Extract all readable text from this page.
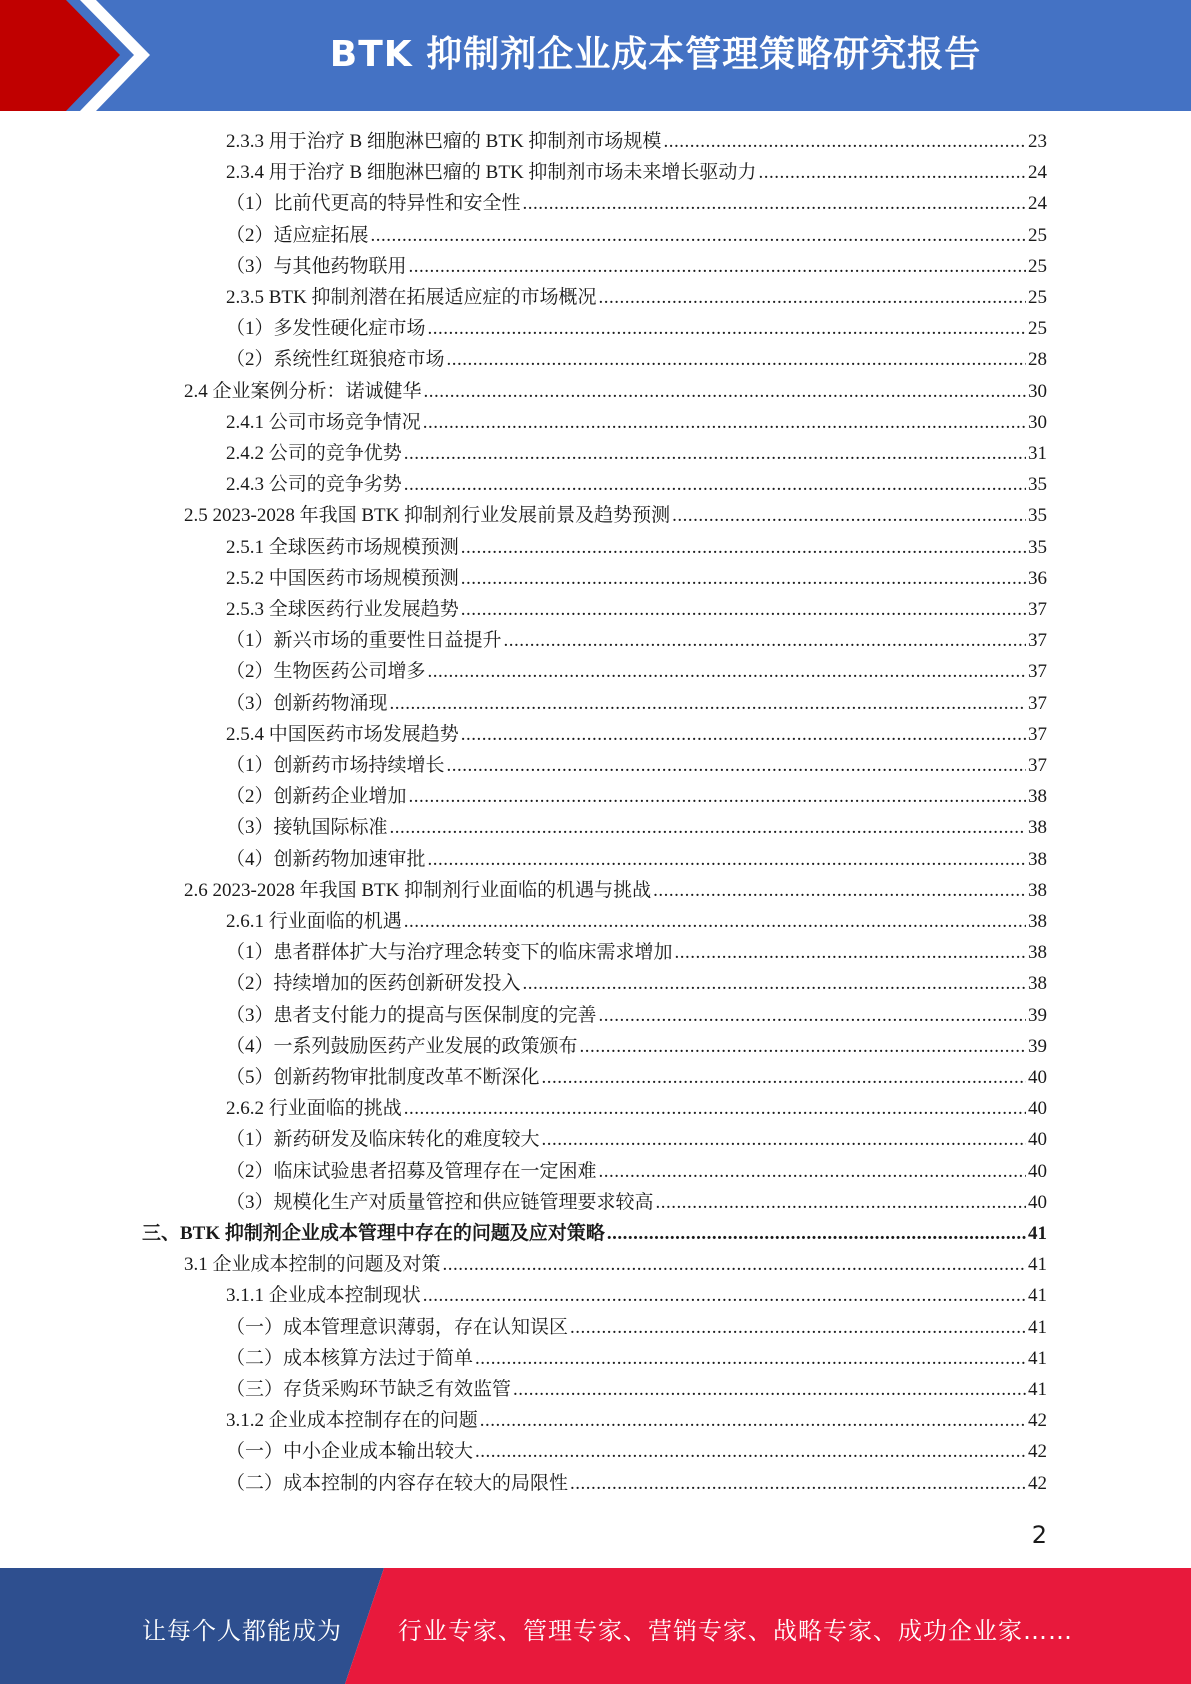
BTK 抑制剂企业成本管理策略研究报告
2.3.3 用于治疗 B 细胞淋巴瘤的 BTK 抑制剂市场规模 .....	23
2.3.4 用于治疗 B 细胞淋巴瘤的 BTK 抑制剂市场未来增长驱动力 .....	24
（1）比前代更高的特异性和安全性 .....	24
（2）适应症拓展 .....	25
（3）与其他药物联用 .....	25
2.3.5 BTK 抑制剂潜在拓展适应症的市场概况 .....	25
（1）多发性硬化症市场 .....	25
（2）系统性红斑狼疮市场 .....	28
2.4 企业案例分析：诺诚健华 .....	30
2.4.1 公司市场竞争情况 .....	30
2.4.2 公司的竞争优势 .....	31
2.4.3 公司的竞争劣势 .....	35
2.5 2023-2028 年我国 BTK 抑制剂行业发展前景及趋势预测 .....	35
2.5.1 全球医药市场规模预测 .....	35
2.5.2 中国医药市场规模预测 .....	36
2.5.3 全球医药行业发展趋势 .....	37
（1）新兴市场的重要性日益提升 .....	37
（2）生物医药公司增多 .....	37
（3）创新药物涌现 .....	37
2.5.4 中国医药市场发展趋势 .....	37
（1）创新药市场持续增长 .....	37
（2）创新药企业增加 .....	38
（3）接轨国际标准 .....	38
（4）创新药物加速审批 .....	38
2.6 2023-2028 年我国 BTK 抑制剂行业面临的机遇与挑战 .....	38
2.6.1 行业面临的机遇 .....	38
（1）患者群体扩大与治疗理念转变下的临床需求增加 .....	38
（2）持续增加的医药创新研发投入 .....	38
（3）患者支付能力的提高与医保制度的完善 .....	39
（4）一系列鼓励医药产业发展的政策颁布 .....	39
（5）创新药物审批制度改革不断深化 .....	40
2.6.2 行业面临的挑战 .....	40
（1）新药研发及临床转化的难度较大 .....	40
（2）临床试验患者招募及管理存在一定困难 .....	40
（3）规模化生产对质量管控和供应链管理要求较高 .....	40
三、BTK 抑制剂企业成本管理中存在的问题及应对策略 .....	41
3.1 企业成本控制的问题及对策 .....	41
3.1.1 企业成本控制现状 .....	41
（一）成本管理意识薄弱，存在认知误区 .....	41
（二）成本核算方法过于简单 .....	41
（三）存货采购环节缺乏有效监管 .....	41
3.1.2 企业成本控制存在的问题 .....	42
（一）中小企业成本输出较大 .....	42
（二）成本控制的内容存在较大的局限性 .....	42
2
让每个人都能成为 行业专家、管理专家、营销专家、战略专家、成功企业家……
